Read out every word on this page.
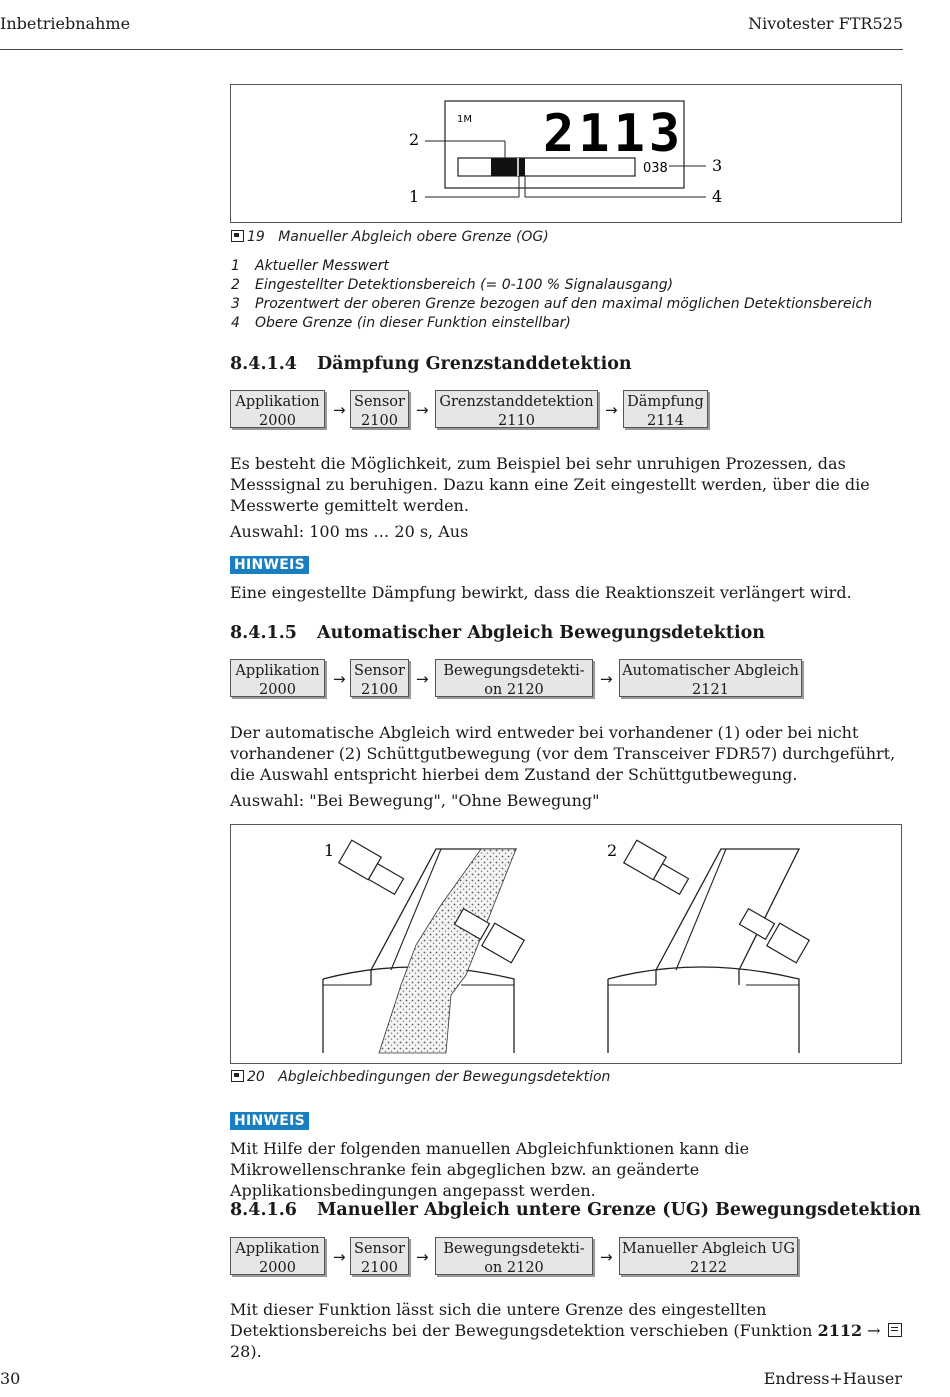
Inbetriebnahme	Nivotester FTR525
1M 2113
038
2
1
3
4
19 Manueller Abgleich obere Grenze (OG)
1 Aktueller Messwert
2 Eingestellter Detektionsbereich (= 0-100 % Signalausgang)
3 Prozentwert der oberen Grenze bezogen auf den maximal möglichen Detektionsbereich
4 Obere Grenze (in dieser Funktion einstellbar)
8.4.1.4 Dämpfung Grenzstanddetektion
Applikation
2000
→ Sensor
2100
→ Grenzstanddetektion
2110
→ Dämpfung
2114
Es besteht die Möglichkeit, zum Beispiel bei sehr unruhigen Prozessen, das Messsignal zu beruhigen. Dazu kann eine Zeit eingestellt werden, über die die Messwerte gemittelt werden.
Auswahl: 100 ms … 20 s, Aus
HINWEIS
Eine eingestellte Dämpfung bewirkt, dass die Reaktionszeit verlängert wird.
8.4.1.5 Automatischer Abgleich Bewegungsdetektion
Applikation
2000
→ Sensor
2100
→	Bewegungsdetekti-
on 2120
→ Automatischer Abgleich
2121
Der automatische Abgleich wird entweder bei vorhandener (1) oder bei nicht vorhandener (2) Schüttgutbewegung (vor dem Transceiver FDR57) durchgeführt, die Auswahl entspricht hierbei dem Zustand der Schüttgutbewegung.
Auswahl: "Bei Bewegung", "Ohne Bewegung"
1	2
20 Abgleichbedingungen der Bewegungsdetektion
HINWEIS
Mit Hilfe der folgenden manuellen Abgleichfunktionen kann die Mikrowellenschranke fein abgeglichen bzw. an geänderte Applikationsbedingungen angepasst werden.
8.4.1.6 Manueller Abgleich untere Grenze (UG) Bewegungsdetektion
Applikation
2000
→ Sensor
2100
→	Bewegungsdetekti-
on 2120
→ Manueller Abgleich UG
2122
Mit dieser Funktion lässt sich die untere Grenze des eingestellten Detektionsbereichs bei der Bewegungsdetektion verschieben (Funktion 2112 →
28).
30	Endress+Hauser
